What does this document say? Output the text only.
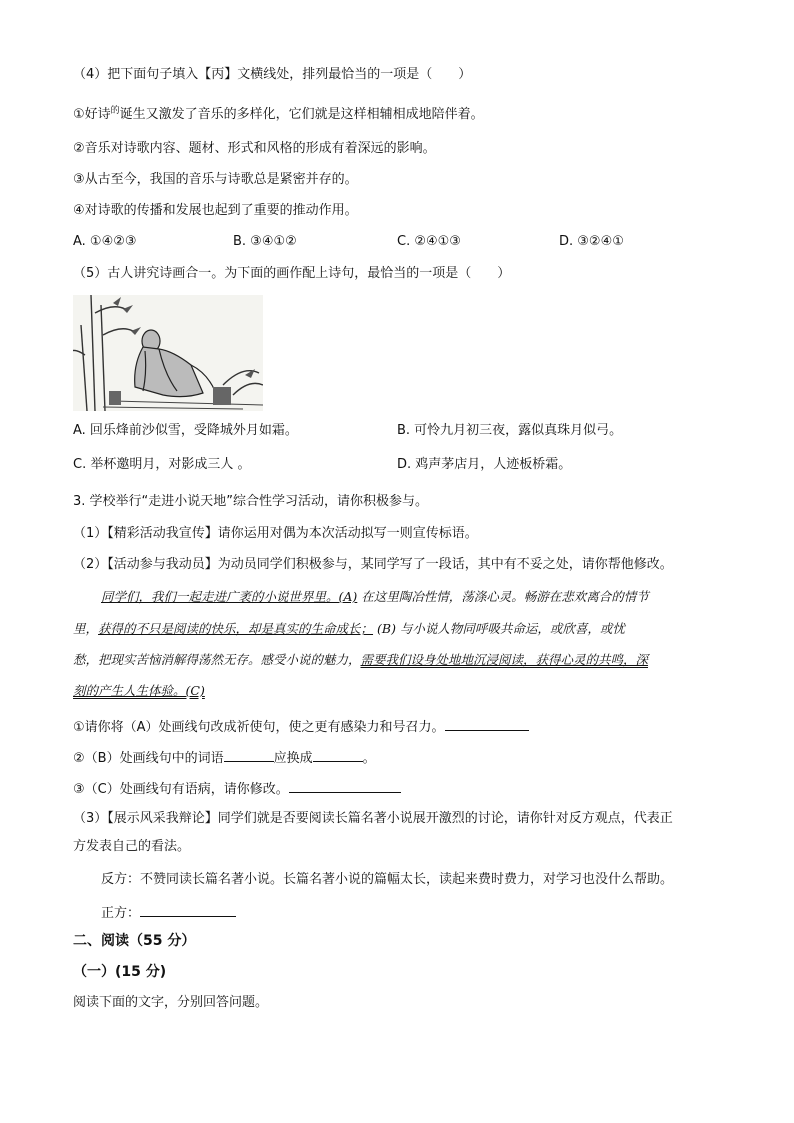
（4）把下面句子填入【丙】文横线处，排列最恰当的一项是（　　）
①好诗$^的$诞生又激发了音乐的多样化，它们就是这样相辅相成地陪伴着。
②音乐对诗歌内容、题材、形式和风格的形成有着深远的影响。
③从古至今，我国的音乐与诗歌总是紧密并存的。
④对诗歌的传播和发展也起到了重要的推动作用。
A. ①④②③	B. ③④①②	C. ②④①③	D. ③②④①
（5）古人讲究诗画合一。为下面的画作配上诗句，最恰当的一项是（　　）
A. 回乐烽前沙似雪，受降城外月如霜。	B. 可怜九月初三夜，露似真珠月似弓。
C. 举杯邀明月，对影成三人 。	D. 鸡声茅店月，人迹板桥霜。
3. 学校举行“走进小说天地”综合性学习活动，请你积极参与。
（1）【精彩活动我宣传】请你运用对偶为本次活动拟写一则宣传标语。
（2）【活动参与我动员】为动员同学们积极参与，某同学写了一段话，其中有不妥之处，请你帮他修改。
同学们，我们一起走进广袤的小说世界里。(A) 在这里陶冶性情，荡涤心灵。畅游在悲欢离合的情节
里，获得的不只是阅读的快乐，却是真实的生命成长； (B) 与小说人物同呼吸共命运，或欣喜，或忧
愁，把现实苦恼消解得荡然无存。感受小说的魅力，需要我们设身处地地沉浸阅读，获得心灵的共鸣，深
刻的产生人生体验。(C)
①请你将（A）处画线句改成祈使句，使之更有感染力和号召力。
②（B）处画线句中的词语	应换成	。
③（C）处画线句有语病，请你修改。
（3）【展示风采我辩论】同学们就是否要阅读长篇名著小说展开激烈的讨论，请你针对反方观点，代表正
方发表自己的看法。
反方：不赞同读长篇名著小说。长篇名著小说的篇幅太长，读起来费时费力，对学习也没什么帮助。
正方：
二、阅读（55 分）
（一）(15 分)
阅读下面的文字，分别回答问题。
